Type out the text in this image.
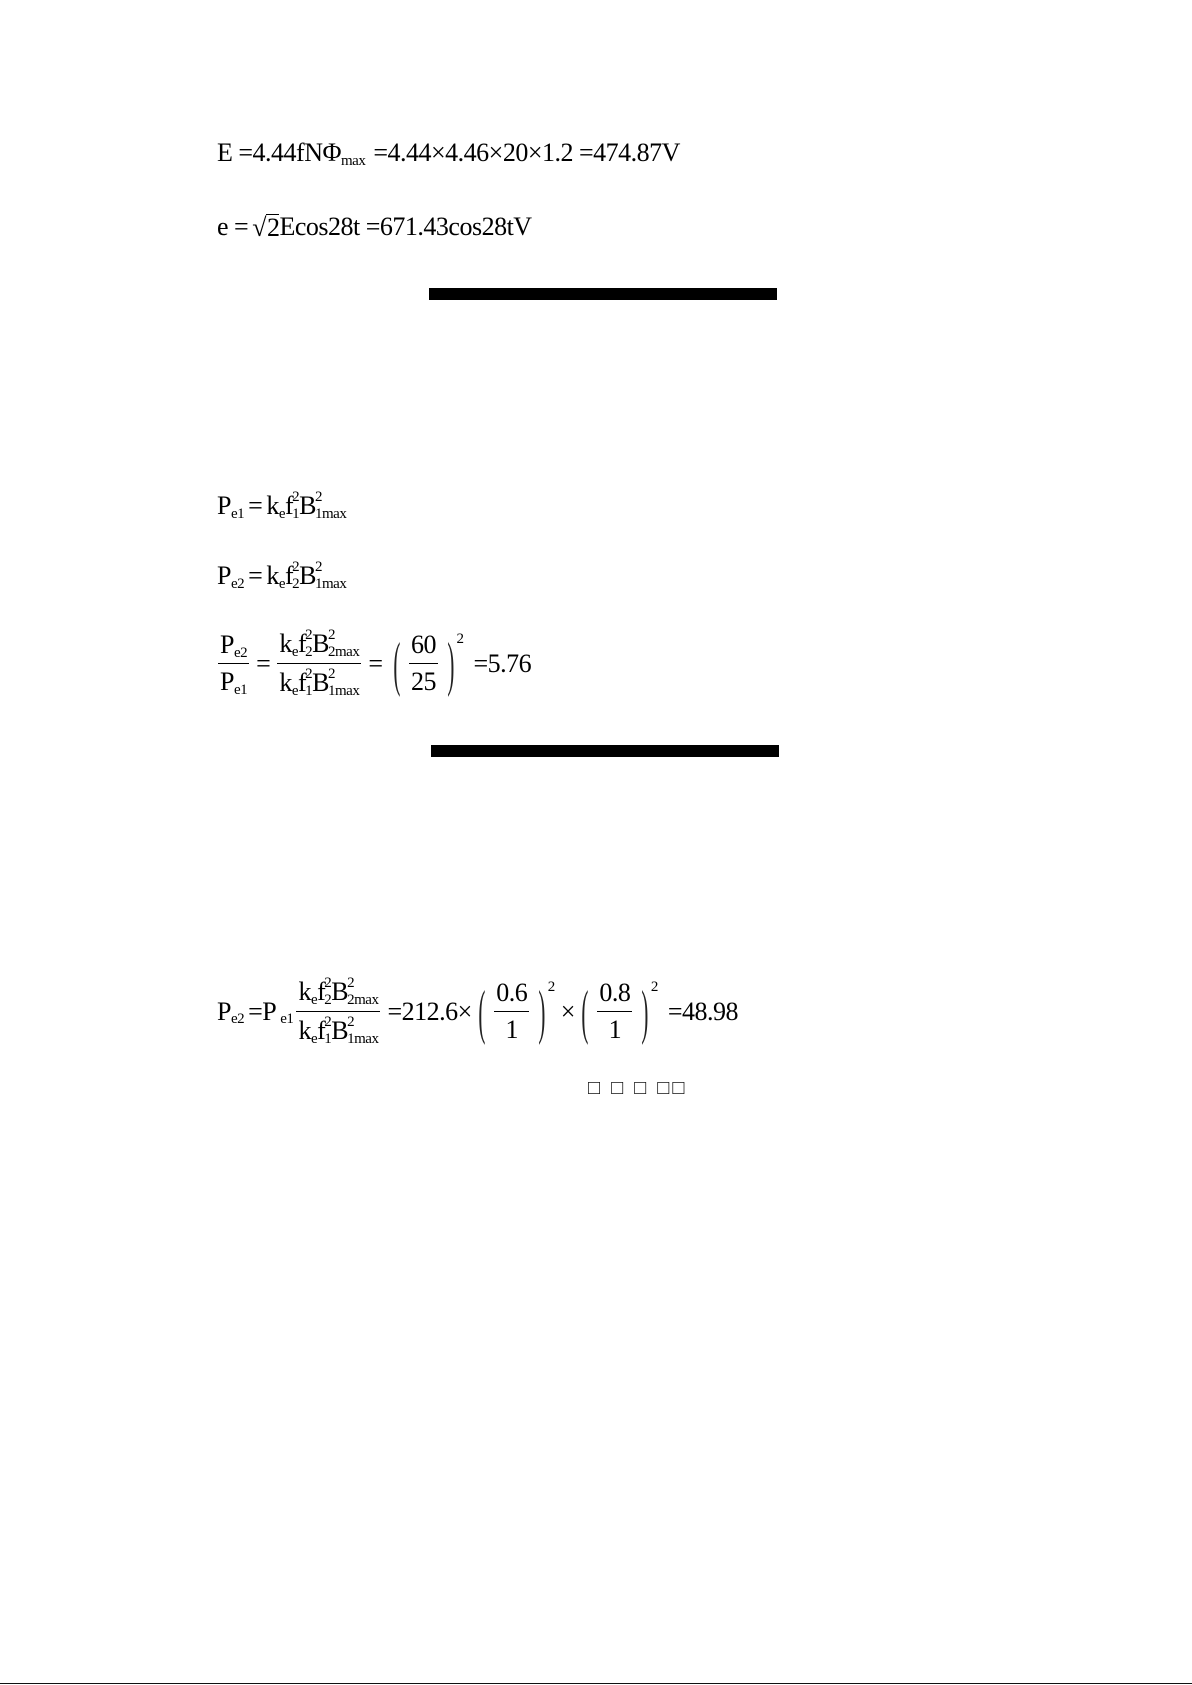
E =4.44fNΦ max =4.44×4.46×20×1.2 =474.87V
e = √ 2 Ecos28t =671.43cos28tV
P e1 = k e f 2
1 B 2
1max
P e2 = k e f 2
2 B 2
1max
$\frac{\text{P e2}}{\text{P e1}}$ =
k e f 2
2 B 2
2max
k e f 2
1 B 2
1max
= ( $\frac{60}{25}$ ) 2
=5.76
P e2 =P e1
k e f 2
2 B 2
2max
k e f 2
1 B 2
1max
=212.6× ( $\frac{0.6}{1}$ ) 2
× ( $\frac{0.8}{1}$ ) 2
=48.98
□ □ □ □□
